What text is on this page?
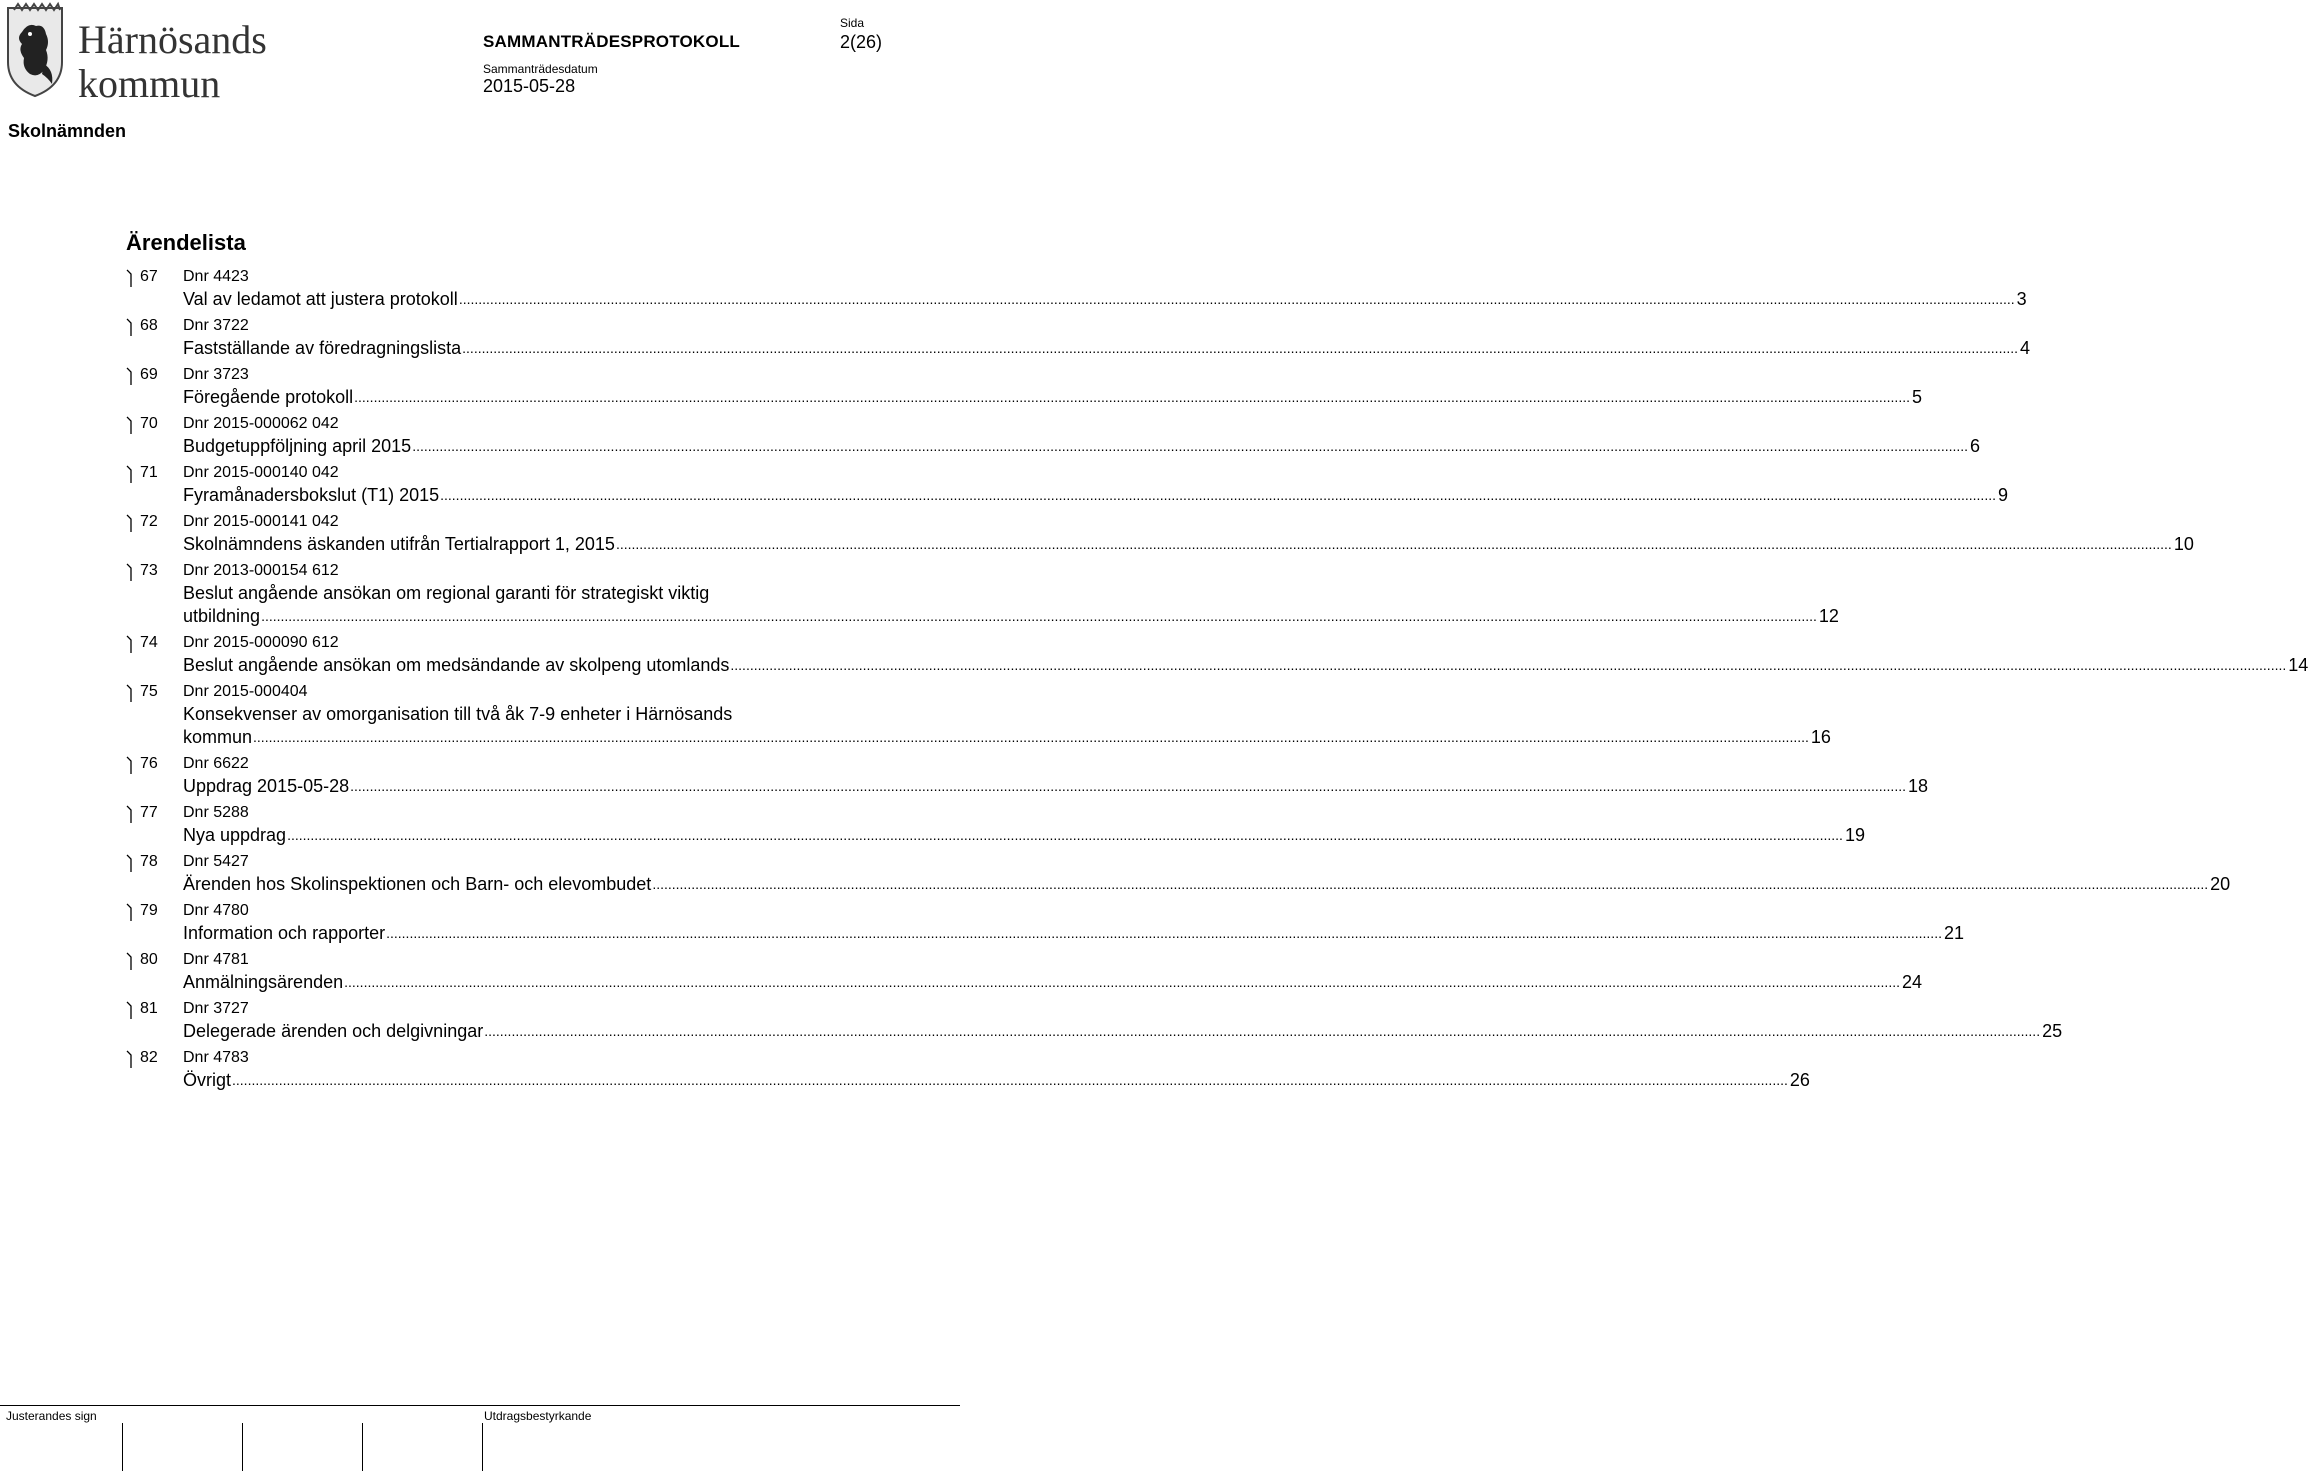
Härnösands
kommun
SAMMANTRÄDESPROTOKOLL
Sida
2(26)
Sammanträdesdatum
2015-05-28
Skolnämnden
Ärendelista
67	Dnr 4423
Val av ledamot att justera protokoll ................................................................................................................................................................................................................................................................................................................................................................................................................ 3
68	Dnr 3722
Fastställande av föredragningslista ................................................................................................................................................................................................................................................................................................................................................................................................................ 4
69	Dnr 3723
Föregående protokoll ................................................................................................................................................................................................................................................................................................................................................................................................................ 5
70	Dnr 2015-000062 042
Budgetuppföljning april 2015 ................................................................................................................................................................................................................................................................................................................................................................................................................ 6
71	Dnr 2015-000140 042
Fyramånadersbokslut (T1) 2015 ................................................................................................................................................................................................................................................................................................................................................................................................................ 9
72	Dnr 2015-000141 042
Skolnämndens äskanden utifrån Tertialrapport 1, 2015 ................................................................................................................................................................................................................................................................................................................................................................................................................ 10
73	Dnr 2013-000154 612
Beslut angående ansökan om regional garanti för strategiskt viktig
utbildning ................................................................................................................................................................................................................................................................................................................................................................................................................ 12
74	Dnr 2015-000090 612
Beslut angående ansökan om medsändande av skolpeng utomlands ................................................................................................................................................................................................................................................................................................................................................................................................................ 14
75	Dnr 2015-000404
Konsekvenser av omorganisation till två åk 7-9 enheter i Härnösands
kommun ................................................................................................................................................................................................................................................................................................................................................................................................................ 16
76	Dnr 6622
Uppdrag 2015-05-28 ................................................................................................................................................................................................................................................................................................................................................................................................................ 18
77	Dnr 5288
Nya uppdrag ................................................................................................................................................................................................................................................................................................................................................................................................................ 19
78	Dnr 5427
Ärenden hos Skolinspektionen och Barn- och elevombudet ................................................................................................................................................................................................................................................................................................................................................................................................................ 20
79	Dnr 4780
Information och rapporter ................................................................................................................................................................................................................................................................................................................................................................................................................ 21
80	Dnr 4781
Anmälningsärenden ................................................................................................................................................................................................................................................................................................................................................................................................................ 24
81	Dnr 3727
Delegerade ärenden och delgivningar ................................................................................................................................................................................................................................................................................................................................................................................................................ 25
82	Dnr 4783
Övrigt ................................................................................................................................................................................................................................................................................................................................................................................................................ 26
Justerandes sign	Utdragsbestyrkande
